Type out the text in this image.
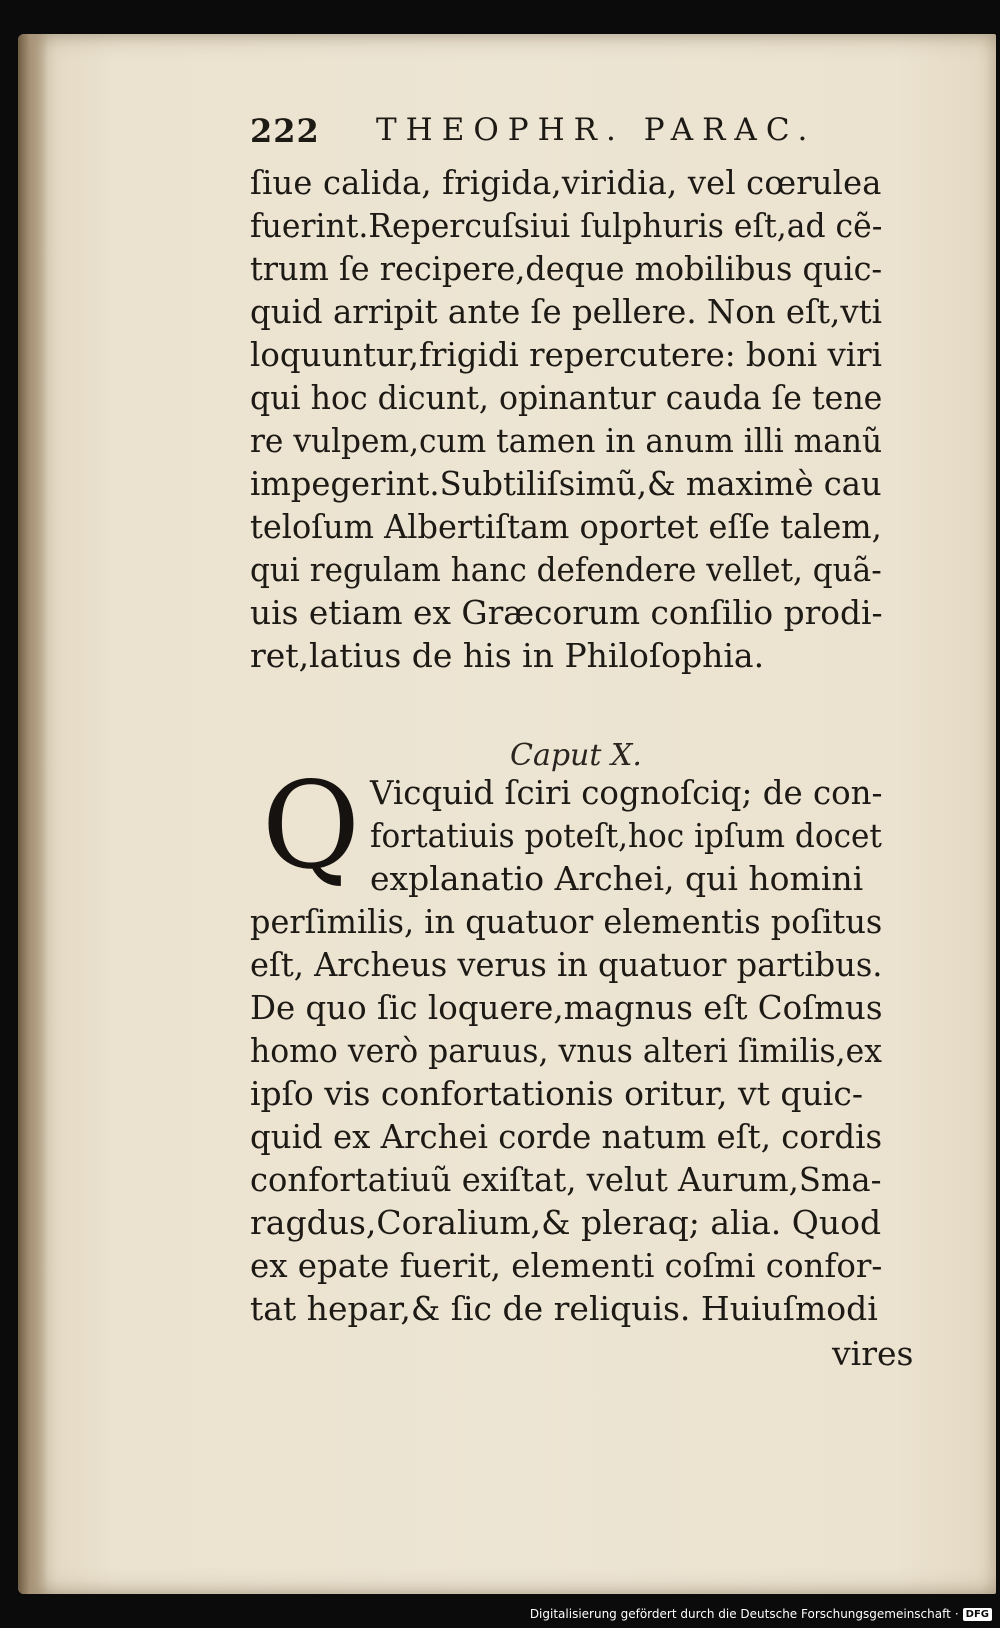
222 THEOPHR. PARAC.
ſiue calida, frigida,viridia, vel cœrulea
fuerint.Repercuſsiui ſulphuris eſt,ad cẽ-
trum ſe recipere,deque mobilibus quic-
quid arripit ante ſe pellere. Non eſt,vti
loquuntur,frigidi repercutere: boni viri
qui hoc dicunt, opinantur cauda ſe tene
re vulpem,cum tamen in anum illi manũ
impegerint.Subtiliſsimũ,& maximè cau
teloſum Albertiſtam oportet eſſe talem,
qui regulam hanc defendere vellet, quã-
uis etiam ex Græcorum conſilio prodi-
ret,latius de his in Philoſophia.
Caput X.
Q Vicquid ſciri cognoſciq; de con-
fortatiuis poteſt,hoc ipſum docet
explanatio Archei, qui homini
perſimilis, in quatuor elementis poſitus
eſt, Archeus verus in quatuor partibus.
De quo ſic loquere,magnus eſt Coſmus
homo verò paruus, vnus alteri ſimilis,ex
ipſo vis confortationis oritur, vt quic-
quid ex Archei corde natum eſt, cordis
confortatiuũ exiſtat, velut Aurum,Sma-
ragdus,Coralium,& pleraq; alia. Quod
ex epate fuerit, elementi coſmi confor-
tat hepar,& ſic de reliquis. Huiuſmodi
vires
Digitalisierung gefördert durch die Deutsche Forschungsgemeinschaft · DFG
